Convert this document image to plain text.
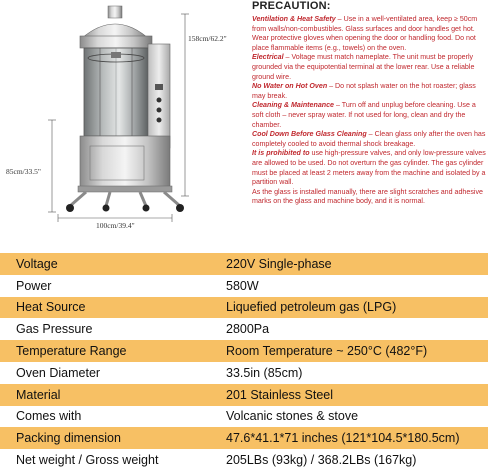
158cm/62.2"
85cm/33.5"
100cm/39.4"
PRECAUTION:

Ventilation & Heat Safety – Use in a well-ventilated area, keep ≥ 50cm from walls/non-combustibles. Glass surfaces and door handles get hot. Wear protective gloves when opening the door or handling food. Do not place flammable items (e.g., towels) on the oven.

Electrical – Voltage must match nameplate. The unit must be properly grounded via the equipotential terminal at the lower rear. Use a reliable ground wire.

No Water on Hot Oven – Do not splash water on the hot roaster; glass may break.

Cleaning & Maintenance – Turn off and unplug before cleaning. Use a soft cloth – never spray water. If not used for long, clean and dry the chamber.

Cool Down Before Glass Cleaning – Clean glass only after the oven has completely cooled to avoid thermal shock breakage.

It is prohibited to use high-pressure valves, and only low-pressure valves are allowed to be used. Do not overturn the gas cylinder. The gas cylinder must be placed at least 2 meters away from the machine and isolated by a partition wall.

As the glass is installed manually, there are slight scratches and adhesive marks on the glass and machine body, and it is normal.

Voltage	220V Single-phase
Power	580W
Heat Source	Liquefied petroleum gas (LPG)
Gas Pressure	2800Pa
Temperature Range	Room Temperature ~ 250°C (482°F)
Oven Diameter	33.5in (85cm)
Material	201 Stainless Steel
Comes with	Volcanic stones & stove
Packing dimension	47.6*41.1*71 inches (121*104.5*180.5cm)
Net weight / Gross weight	205LBs (93kg) / 368.2LBs (167kg)
